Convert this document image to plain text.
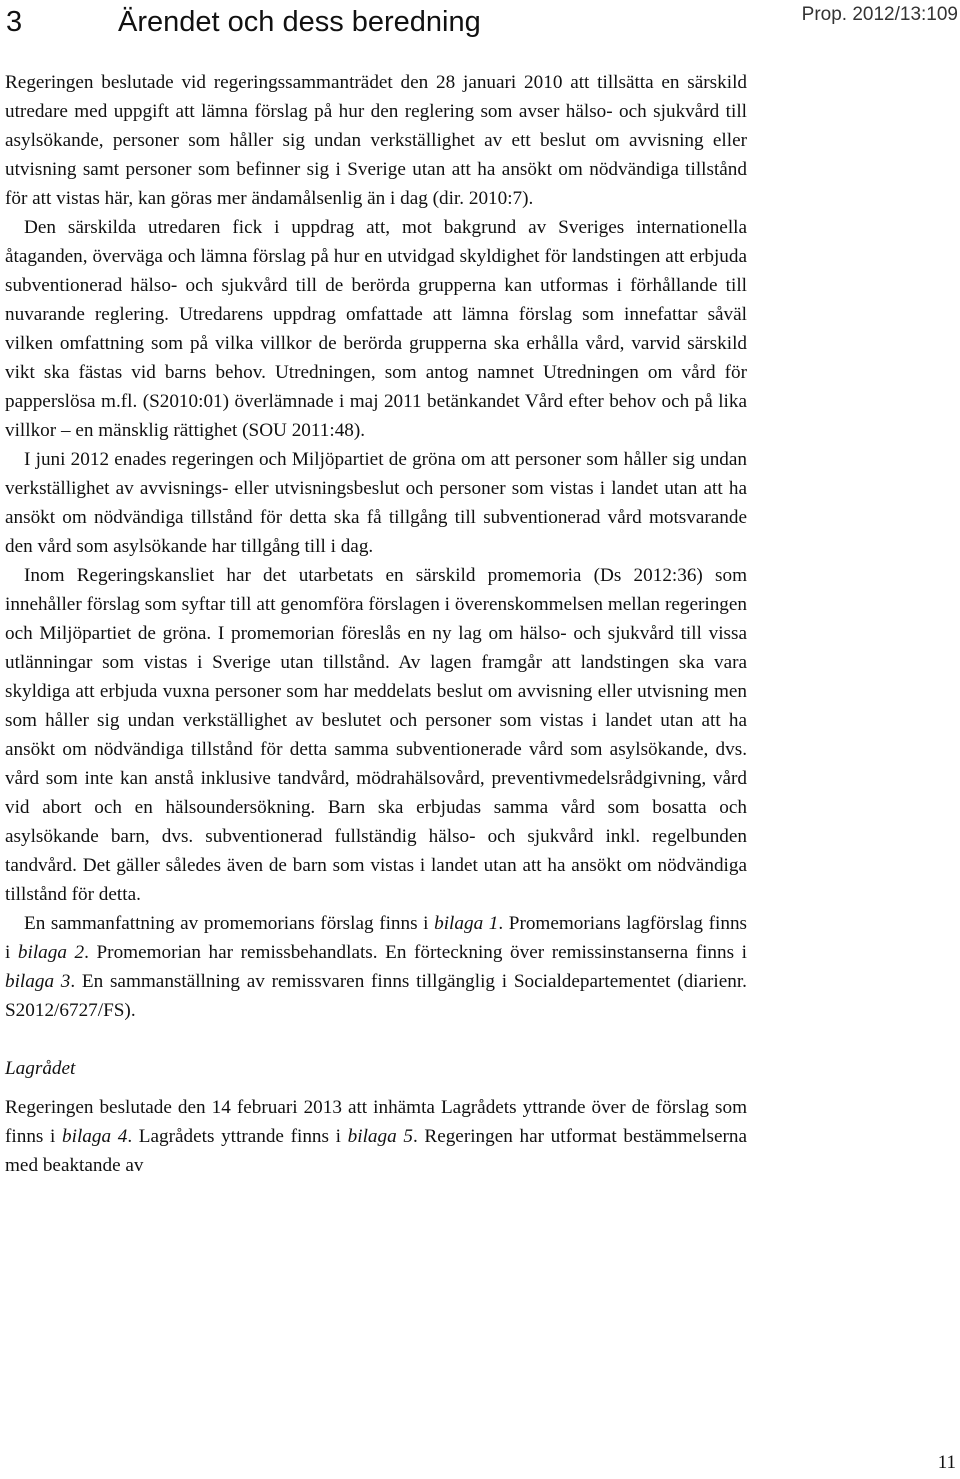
3	Ärendet och dess beredning	Prop. 2012/13:109

Regeringen beslutade vid regeringssammanträdet den 28 januari 2010 att tillsätta en särskild utredare med uppgift att lämna förslag på hur den reglering som avser hälso- och sjukvård till asylsökande, personer som håller sig undan verkställighet av ett beslut om avvisning eller utvisning samt personer som befinner sig i Sverige utan att ha ansökt om nödvändiga tillstånd för att vistas här, kan göras mer ändamålsenlig än i dag (dir. 2010:7).

Den särskilda utredaren fick i uppdrag att, mot bakgrund av Sveriges internationella åtaganden, överväga och lämna förslag på hur en utvidgad skyldighet för landstingen att erbjuda subventionerad hälso- och sjukvård till de berörda grupperna kan utformas i förhållande till nuvarande reglering. Utredarens uppdrag omfattade att lämna förslag som innefattar såväl vilken omfattning som på vilka villkor de berörda grupperna ska erhålla vård, varvid särskild vikt ska fästas vid barns behov. Utredningen, som antog namnet Utredningen om vård för papperslösa m.fl. (S2010:01) överlämnade i maj 2011 betänkandet Vård efter behov och på lika villkor – en mänsklig rättighet (SOU 2011:48).

I juni 2012 enades regeringen och Miljöpartiet de gröna om att personer som håller sig undan verkställighet av avvisnings- eller utvisningsbeslut och personer som vistas i landet utan att ha ansökt om nödvändiga tillstånd för detta ska få tillgång till subventionerad vård motsvarande den vård som asylsökande har tillgång till i dag.

Inom Regeringskansliet har det utarbetats en särskild promemoria (Ds 2012:36) som innehåller förslag som syftar till att genomföra förslagen i överenskommelsen mellan regeringen och Miljöpartiet de gröna. I promemorian föreslås en ny lag om hälso- och sjukvård till vissa utlänningar som vistas i Sverige utan tillstånd. Av lagen framgår att landstingen ska vara skyldiga att erbjuda vuxna personer som har meddelats beslut om avvisning eller utvisning men som håller sig undan verkställighet av beslutet och personer som vistas i landet utan att ha ansökt om nödvändiga tillstånd för detta samma subventionerade vård som asylsökande, dvs. vård som inte kan anstå inklusive tandvård, mödrahälsovård, preventivmedelsrådgivning, vård vid abort och en hälsoundersökning. Barn ska erbjudas samma vård som bosatta och asylsökande barn, dvs. subventionerad fullständig hälso- och sjukvård inkl. regelbunden tandvård. Det gäller således även de barn som vistas i landet utan att ha ansökt om nödvändiga tillstånd för detta.

En sammanfattning av promemorians förslag finns i bilaga 1. Promemorians lagförslag finns i bilaga 2. Promemorian har remissbehandlats. En förteckning över remissinstanserna finns i bilaga 3. En sammanställning av remissvaren finns tillgänglig i Socialdepartementet (diarienr. S2012/6727/FS).

Lagrådet

Regeringen beslutade den 14 februari 2013 att inhämta Lagrådets yttrande över de förslag som finns i bilaga 4. Lagrådets yttrande finns i bilaga 5. Regeringen har utformat bestämmelserna med beaktande av

11
